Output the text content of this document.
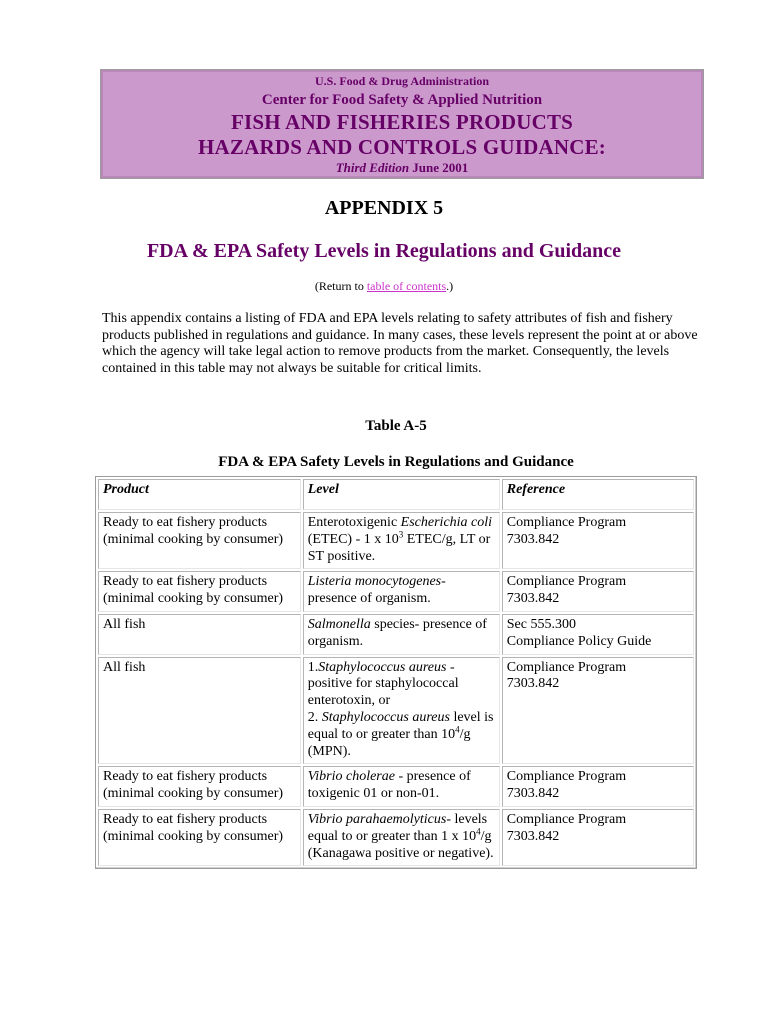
U.S. Food & Drug Administration
Center for Food Safety & Applied Nutrition
FISH AND FISHERIES PRODUCTS
HAZARDS AND CONTROLS GUIDANCE:
Third Edition June 2001
APPENDIX 5
FDA & EPA Safety Levels in Regulations and Guidance
(Return to table of contents.)
This appendix contains a listing of FDA and EPA levels relating to safety attributes of fish and fishery products published in regulations and guidance. In many cases, these levels represent the point at or above which the agency will take legal action to remove products from the market. Consequently, the levels contained in this table may not always be suitable for critical limits.
Table A-5
FDA & EPA Safety Levels in Regulations and Guidance
Product	Level	Reference
Ready to eat fishery products (minimal cooking by consumer)	Enterotoxigenic Escherichia coli (ETEC) - 1 x $10^3$ ETEC/g, LT or ST positive.	Compliance Program
7303.842
Ready to eat fishery products (minimal cooking by consumer)	Listeria monocytogenes- presence of organism.	Compliance Program
7303.842
All fish	Salmonella species- presence of organism.	Sec 555.300
Compliance Policy Guide
All fish	1.Staphylococcus aureus - positive for staphylococcal enterotoxin, or
2. Staphylococcus aureus level is equal to or greater than $10^4/g$ (MPN).	Compliance Program
7303.842
Ready to eat fishery products (minimal cooking by consumer)	Vibrio cholerae - presence of toxigenic 01 or non-01.	Compliance Program
7303.842
Ready to eat fishery products (minimal cooking by consumer)	Vibrio parahaemolyticus- levels equal to or greater than 1 x $10^4/g$ (Kanagawa positive or negative).	Compliance Program
7303.842
